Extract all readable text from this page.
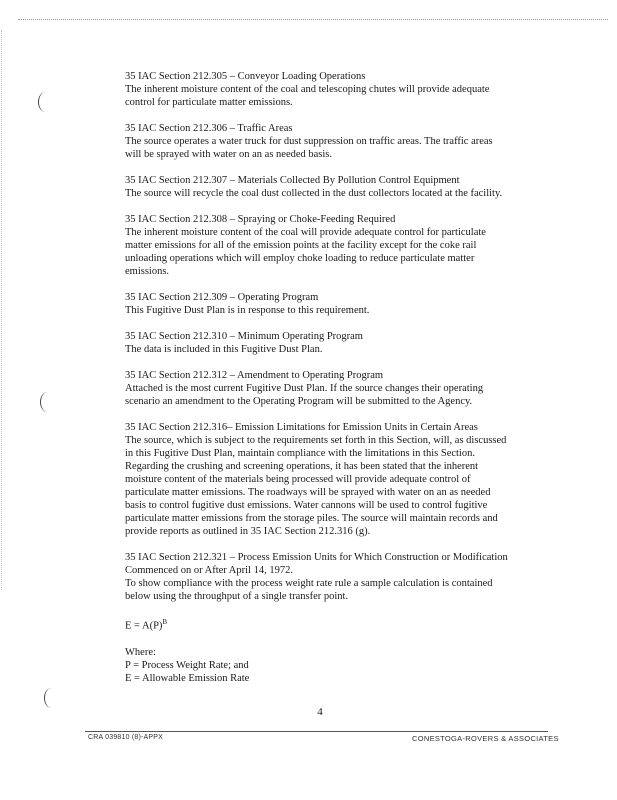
35 IAC Section 212.305 – Conveyor Loading Operations
The inherent moisture content of the coal and telescoping chutes will provide adequate
control for particulate matter emissions.
35 IAC Section 212.306 – Traffic Areas
The source operates a water truck for dust suppression on traffic areas. The traffic areas
will be sprayed with water on an as needed basis.
35 IAC Section 212.307 – Materials Collected By Pollution Control Equipment
The source will recycle the coal dust collected in the dust collectors located at the facility.
35 IAC Section 212.308 – Spraying or Choke-Feeding Required
The inherent moisture content of the coal will provide adequate control for particulate
matter emissions for all of the emission points at the facility except for the coke rail
unloading operations which will employ choke loading to reduce particulate matter
emissions.
35 IAC Section 212.309 – Operating Program
This Fugitive Dust Plan is in response to this requirement.
35 IAC Section 212.310 – Minimum Operating Program
The data is included in this Fugitive Dust Plan.
35 IAC Section 212.312 – Amendment to Operating Program
Attached is the most current Fugitive Dust Plan. If the source changes their operating
scenario an amendment to the Operating Program will be submitted to the Agency.
35 IAC Section 212.316– Emission Limitations for Emission Units in Certain Areas
The source, which is subject to the requirements set forth in this Section, will, as discussed
in this Fugitive Dust Plan, maintain compliance with the limitations in this Section.
Regarding the crushing and screening operations, it has been stated that the inherent
moisture content of the materials being processed will provide adequate control of
particulate matter emissions. The roadways will be sprayed with water on an as needed
basis to control fugitive dust emissions. Water cannons will be used to control fugitive
particulate matter emissions from the storage piles. The source will maintain records and
provide reports as outlined in 35 IAC Section 212.316 (g).
35 IAC Section 212.321 – Process Emission Units for Which Construction or Modification
Commenced on or After April 14, 1972.
To show compliance with the process weight rate rule a sample calculation is contained
below using the throughput of a single transfer point.
$E = A(P)^B$
Where:
P = Process Weight Rate; and
E = Allowable Emission Rate
4
CRA 039810 (8)-APPX	CONESTOGA-ROVERS & ASSOCIATES
